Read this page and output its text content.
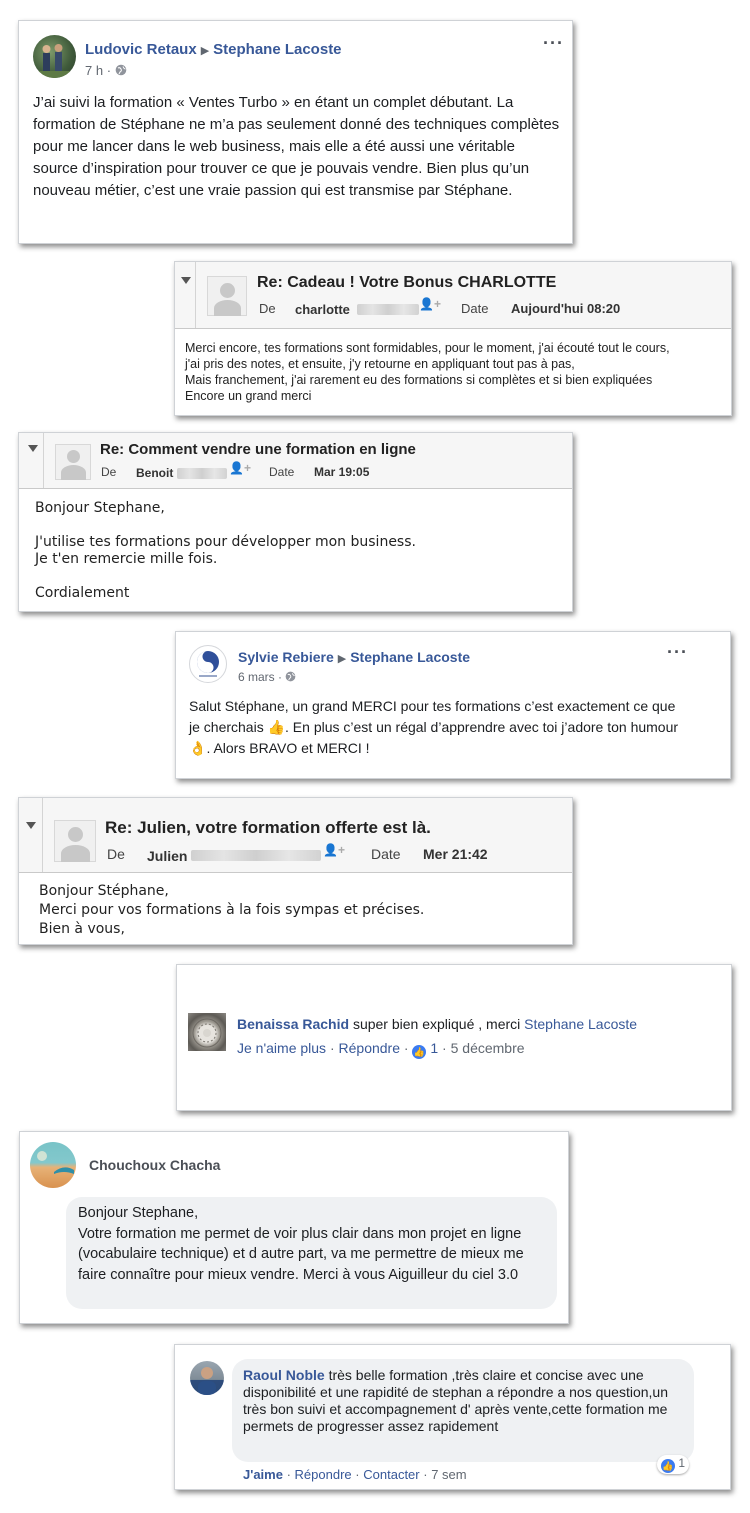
Ludovic Retaux ▶ Stephane Lacoste
7 h ·
···
J’ai suivi la formation « Ventes Turbo » en étant un complet débutant. La formation de Stéphane ne m’a pas seulement donné des techniques complètes pour me lancer dans le web business, mais elle a été aussi une véritable source d’inspiration pour trouver ce que je pouvais vendre. Bien plus qu’un nouveau métier, c’est une vraie passion qui est transmise par Stéphane.
Re: Cadeau ! Votre Bonus CHARLOTTE
De charlotte	👤+ Date Aujourd'hui 08:20
Merci encore, tes formations sont formidables, pour le moment, j'ai écouté tout le cours,
j'ai pris des notes, et ensuite, j'y retourne en appliquant tout pas à pas,
Mais franchement, j'ai rarement eu des formations si complètes et si bien expliquées
Encore un grand merci
Re: Comment vendre une formation en ligne
De Benoit	👤+ Date Mar 19:05
Bonjour Stephane,
J'utilise tes formations pour développer mon business.
Je t'en remercie mille fois.
Cordialement
Sylvie Rebiere ▶ Stephane Lacoste
6 mars ·
···
Salut Stéphane, un grand MERCI pour tes formations c’est exactement ce que je cherchais 👍. En plus c’est un régal d’apprendre avec toi j’adore ton humour 👌. Alors BRAVO et MERCI !
Re: Julien, votre formation offerte est là.
De Julien	👤+ Date Mer 21:42
Bonjour Stéphane,
Merci pour vos formations à la fois sympas et précises.
Bien à vous,
Benaissa Rachid super bien expliqué , merci Stephane Lacoste
Je n'aime plus · Répondre · 👍 1 · 5 décembre
Chouchoux Chacha
Bonjour Stephane,
Votre formation me permet de voir plus clair dans mon projet en ligne (vocabulaire technique) et d autre part, va me permettre de mieux me faire connaître pour mieux vendre. Merci à vous Aiguilleur du ciel 3.0
Raoul Noble très belle formation ,très claire et concise avec une disponibilité et une rapidité de stephan a répondre a nos question,un très bon suivi et accompagnement d' après vente,cette formation me permets de progresser assez rapidement
👍 1
J'aime · Répondre · Contacter · 7 sem
